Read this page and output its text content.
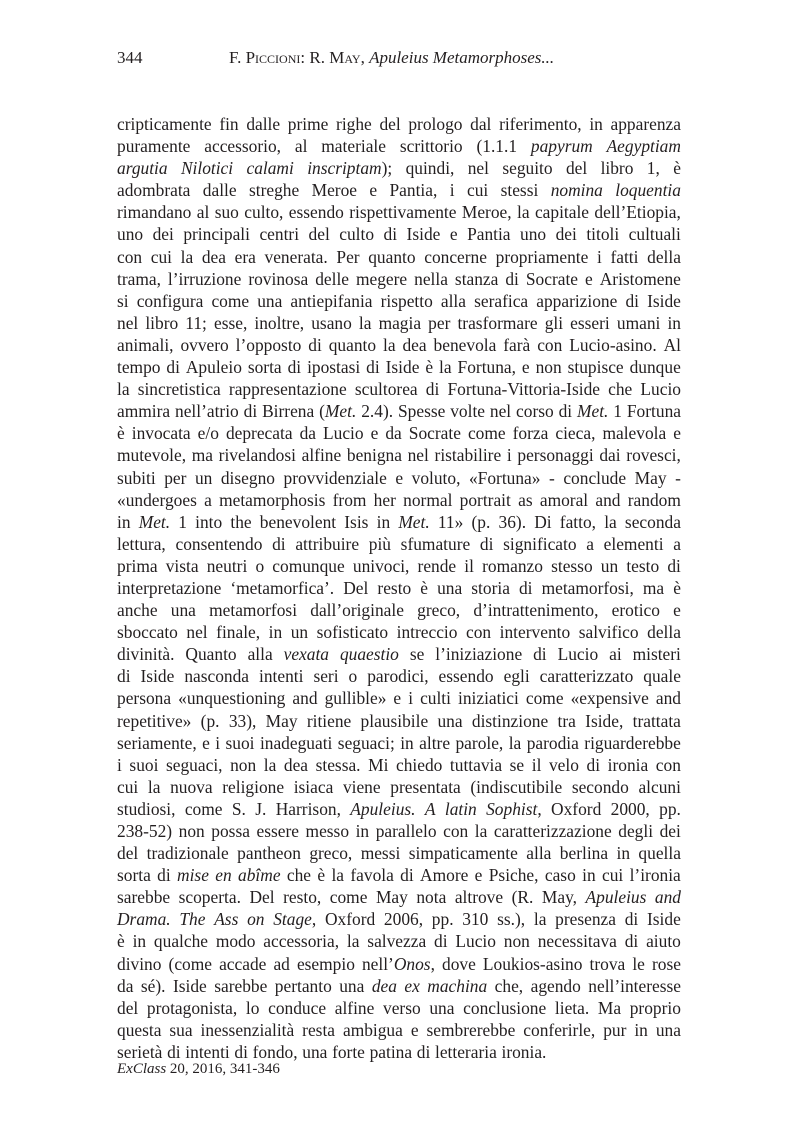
344	F. Piccioni: R. May, Apuleius Metamorphoses...
cripticamente fin dalle prime righe del prologo dal riferimento, in apparenza
puramente accessorio, al materiale scrittorio (1.1.1 papyrum Aegyptiam
argutia Nilotici calami inscriptam); quindi, nel seguito del libro 1, è
adombrata dalle streghe Meroe e Pantia, i cui stessi nomina loquentia
rimandano al suo culto, essendo rispettivamente Meroe, la capitale dell’Etiopia,
uno dei principali centri del culto di Iside e Pantia uno dei titoli cultuali
con cui la dea era venerata. Per quanto concerne propriamente i fatti della
trama, l’irruzione rovinosa delle megere nella stanza di Socrate e Aristomene
si configura come una antiepifania rispetto alla serafica apparizione di Iside
nel libro 11; esse, inoltre, usano la magia per trasformare gli esseri umani in
animali, ovvero l’opposto di quanto la dea benevola farà con Lucio-asino. Al
tempo di Apuleio sorta di ipostasi di Iside è la Fortuna, e non stupisce dunque
la sincretistica rappresentazione scultorea di Fortuna-Vittoria-Iside che Lucio
ammira nell’atrio di Birrena (Met. 2.4). Spesse volte nel corso di Met. 1 Fortuna
è invocata e/o deprecata da Lucio e da Socrate come forza cieca, malevola e
mutevole, ma rivelandosi alfine benigna nel ristabilire i personaggi dai rovesci,
subiti per un disegno provvidenziale e voluto, «Fortuna» - conclude May -
«undergoes a metamorphosis from her normal portrait as amoral and random
in Met. 1 into the benevolent Isis in Met. 11» (p. 36). Di fatto, la seconda
lettura, consentendo di attribuire più sfumature di significato a elementi a
prima vista neutri o comunque univoci, rende il romanzo stesso un testo di
interpretazione ‘metamorfica’. Del resto è una storia di metamorfosi, ma è
anche una metamorfosi dall’originale greco, d’intrattenimento, erotico e
sboccato nel finale, in un sofisticato intreccio con intervento salvifico della
divinità. Quanto alla vexata quaestio se l’iniziazione di Lucio ai misteri
di Iside nasconda intenti seri o parodici, essendo egli caratterizzato quale
persona «unquestioning and gullible» e i culti iniziatici come «expensive and
repetitive» (p. 33), May ritiene plausibile una distinzione tra Iside, trattata
seriamente, e i suoi inadeguati seguaci; in altre parole, la parodia riguarderebbe
i suoi seguaci, non la dea stessa. Mi chiedo tuttavia se il velo di ironia con
cui la nuova religione isiaca viene presentata (indiscutibile secondo alcuni
studiosi, come S. J. Harrison, Apuleius. A latin Sophist, Oxford 2000, pp.
238-52) non possa essere messo in parallelo con la caratterizzazione degli dei
del tradizionale pantheon greco, messi simpaticamente alla berlina in quella
sorta di mise en abîme che è la favola di Amore e Psiche, caso in cui l’ironia
sarebbe scoperta. Del resto, come May nota altrove (R. May, Apuleius and
Drama. The Ass on Stage, Oxford 2006, pp. 310 ss.), la presenza di Iside
è in qualche modo accessoria, la salvezza di Lucio non necessitava di aiuto
divino (come accade ad esempio nell’Onos, dove Loukios-asino trova le rose
da sé). Iside sarebbe pertanto una dea ex machina che, agendo nell’interesse
del protagonista, lo conduce alfine verso una conclusione lieta. Ma proprio
questa sua inessenzialità resta ambigua e sembrerebbe conferirle, pur in una
serietà di intenti di fondo, una forte patina di letteraria ironia.
ExClass 20, 2016, 341-346
